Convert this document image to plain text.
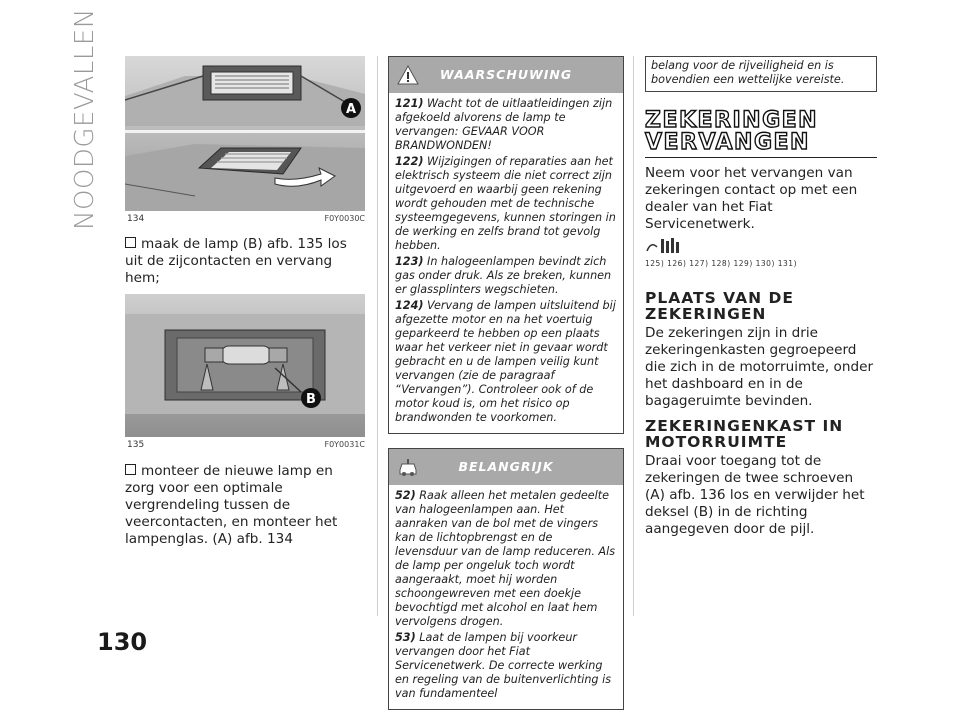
NOODGEVALLEN	A
134	F0Y0030C
maak de lamp (B) afb. 135 los uit de zijcontacten en vervang hem;
B
135	F0Y0031C
monteer de nieuwe lamp en zorg voor een optimale vergrendeling tussen de veercontacten, en monteer het lampenglas. (A) afb. 134
WAARSCHUWING

121) Wacht tot de uitlaatleidingen zijn afgekoeld alvorens de lamp te vervangen: GEVAAR VOOR BRANDWONDEN!

122) Wijzigingen of reparaties aan het elektrisch systeem die niet correct zijn uitgevoerd en waarbij geen rekening wordt gehouden met de technische systeemgegevens, kunnen storingen in de werking en zelfs brand tot gevolg hebben.

123) In halogeenlampen bevindt zich gas onder druk. Als ze breken, kunnen er glassplinters wegschieten.

124) Vervang de lampen uitsluitend bij afgezette motor en na het voertuig geparkeerd te hebben op een plaats waar het verkeer niet in gevaar wordt gebracht en u de lampen veilig kunt vervangen (zie de paragraaf “Vervangen”). Controleer ook of de motor koud is, om het risico op brandwonden te voorkomen.

BELANGRIJK

52) Raak alleen het metalen gedeelte van halogeenlampen aan. Het aanraken van de bol met de vingers kan de lichtopbrengst en de levensduur van de lamp reduceren. Als de lamp per ongeluk toch wordt aangeraakt, moet hij worden schoongewreven met een doekje bevochtigd met alcohol en laat hem vervolgens drogen.

53) Laat de lampen bij voorkeur vervangen door het Fiat Servicenetwerk. De correcte werking en regeling van de buitenverlichting is van fundamenteel

belang voor de rijveiligheid en is bovendien een wettelijke vereiste.
ZEKERINGEN VERVANGEN
Neem voor het vervangen van zekeringen contact op met een dealer van het Fiat Servicenetwerk.
125) 126) 127) 128) 129) 130) 131)
PLAATS VAN DE ZEKERINGEN
De zekeringen zijn in drie zekeringenkasten gegroepeerd die zich in de motorruimte, onder het dashboard en in de bagageruimte bevinden.
ZEKERINGENKAST IN MOTORRUIMTE
Draai voor toegang tot de zekeringen de twee schroeven (A) afb. 136 los en verwijder het deksel (B) in de richting aangegeven door de pijl.
130
